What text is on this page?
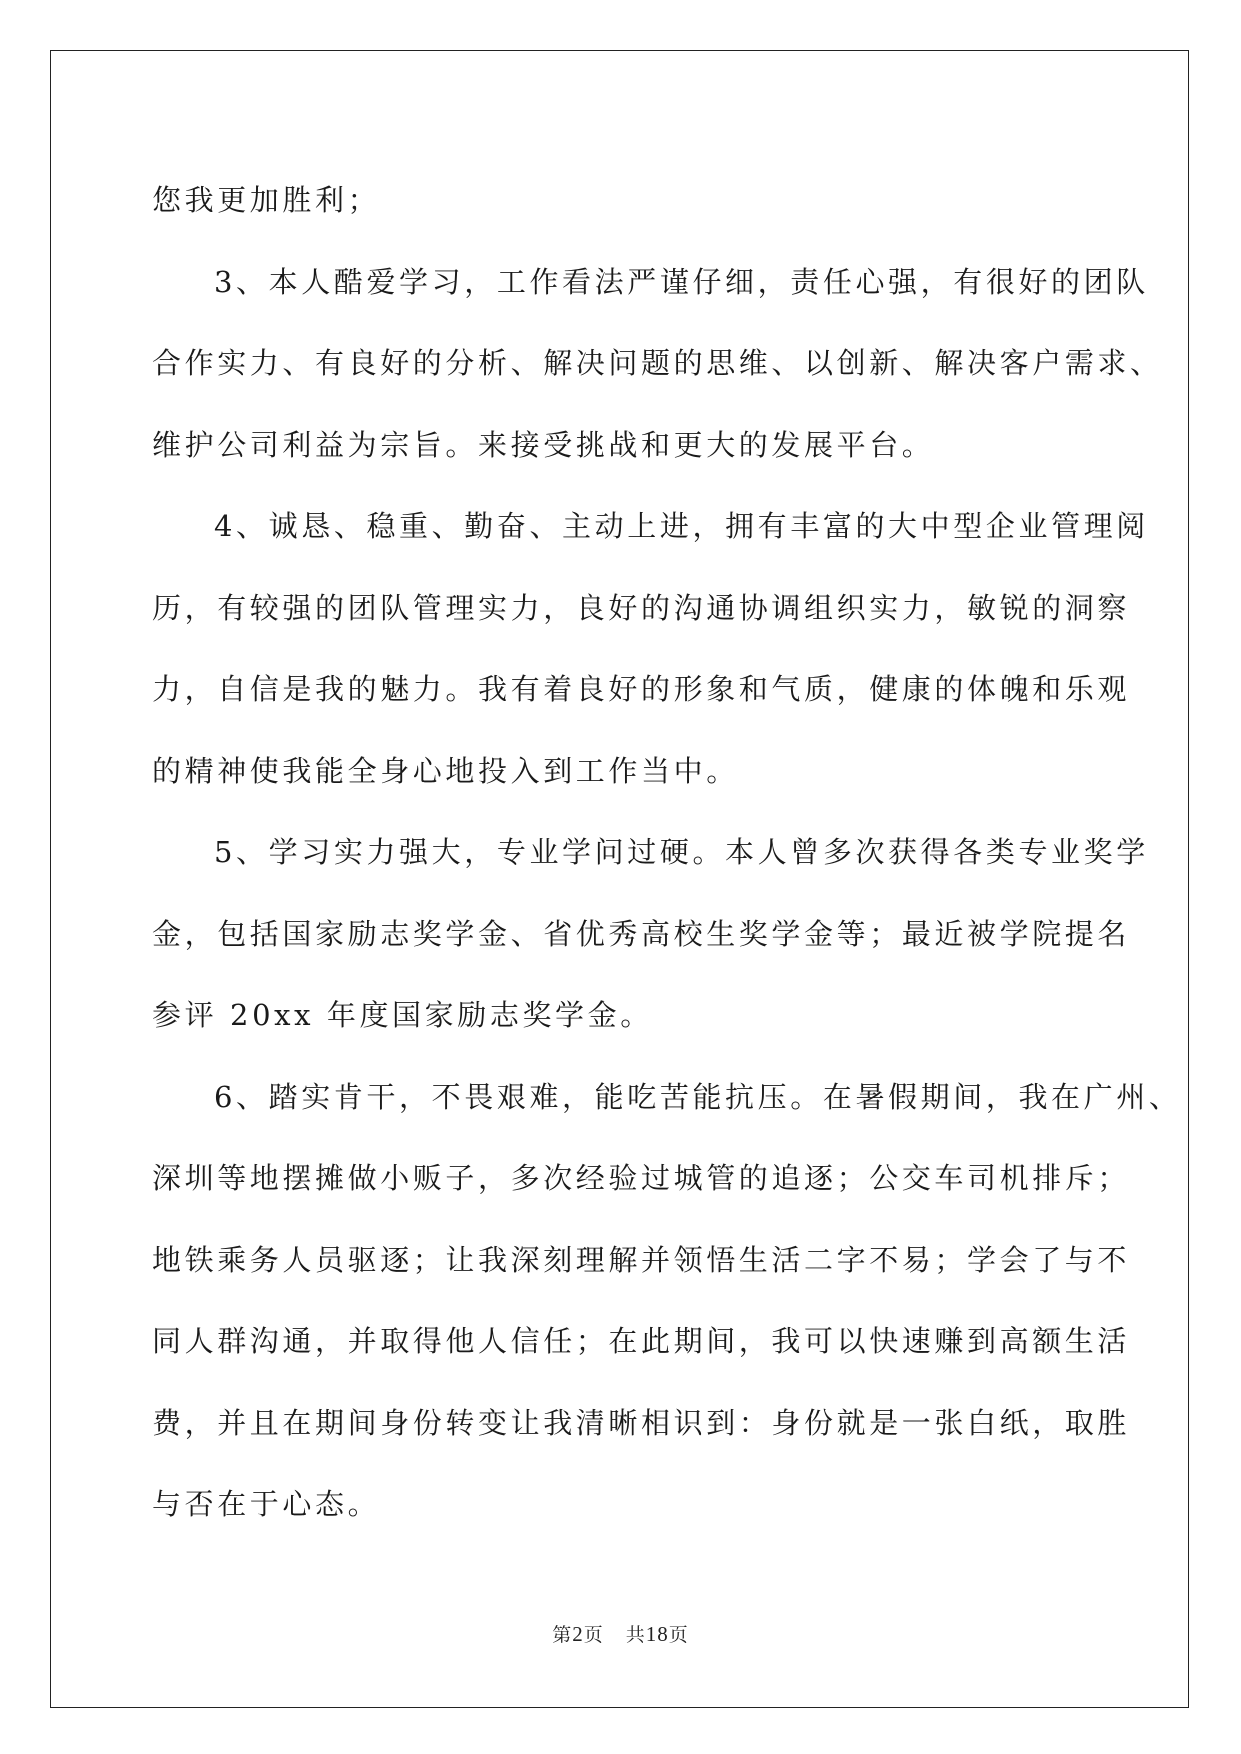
您我更加胜利；

3、本人酷爱学习，工作看法严谨仔细，责任心强，有很好的团队
合作实力、有良好的分析、解决问题的思维、以创新、解决客户需求、
维护公司利益为宗旨。来接受挑战和更大的发展平台。

4、诚恳、稳重、勤奋、主动上进，拥有丰富的大中型企业管理阅
历，有较强的团队管理实力，良好的沟通协调组织实力，敏锐的洞察
力，自信是我的魅力。我有着良好的形象和气质，健康的体魄和乐观
的精神使我能全身心地投入到工作当中。

5、学习实力强大，专业学问过硬。本人曾多次获得各类专业奖学
金，包括国家励志奖学金、省优秀高校生奖学金等；最近被学院提名
参评 20xx 年度国家励志奖学金。

6、踏实肯干，不畏艰难，能吃苦能抗压。在暑假期间，我在广州、
深圳等地摆摊做小贩子，多次经验过城管的追逐；公交车司机排斥；
地铁乘务人员驱逐；让我深刻理解并领悟生活二字不易；学会了与不
同人群沟通，并取得他人信任；在此期间，我可以快速赚到高额生活
费，并且在期间身份转变让我清晰相识到：身份就是一张白纸，取胜
与否在于心态。

第2页 共18页
